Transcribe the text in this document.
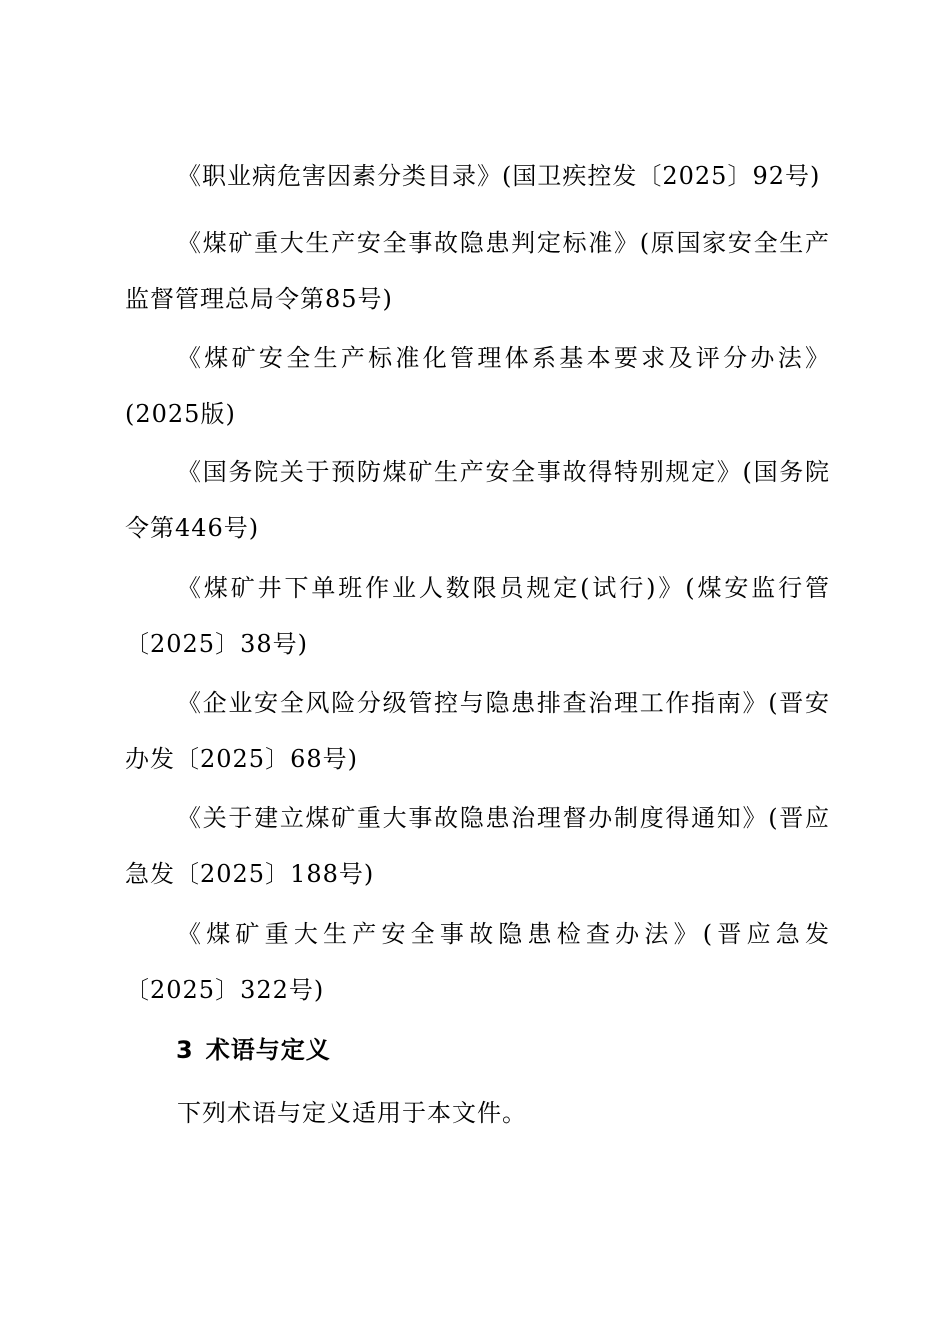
《职业病危害因素分类目录》(国卫疾控发〔2025〕92号)

《煤矿重大生产安全事故隐患判定标准》(原国家安全生产监督管理总局令第85号)

《煤矿安全生产标准化管理体系基本要求及评分办法》(2025版)

《国务院关于预防煤矿生产安全事故得特别规定》(国务院令第446号)

《煤矿井下单班作业人数限员规定(试行)》(煤安监行管〔2025〕38号)

《企业安全风险分级管控与隐患排查治理工作指南》(晋安办发〔2025〕68号)

《关于建立煤矿重大事故隐患治理督办制度得通知》(晋应急发〔2025〕188号)

《煤矿重大生产安全事故隐患检查办法》(晋应急发〔2025〕322号)

3 术语与定义

下列术语与定义适用于本文件。
